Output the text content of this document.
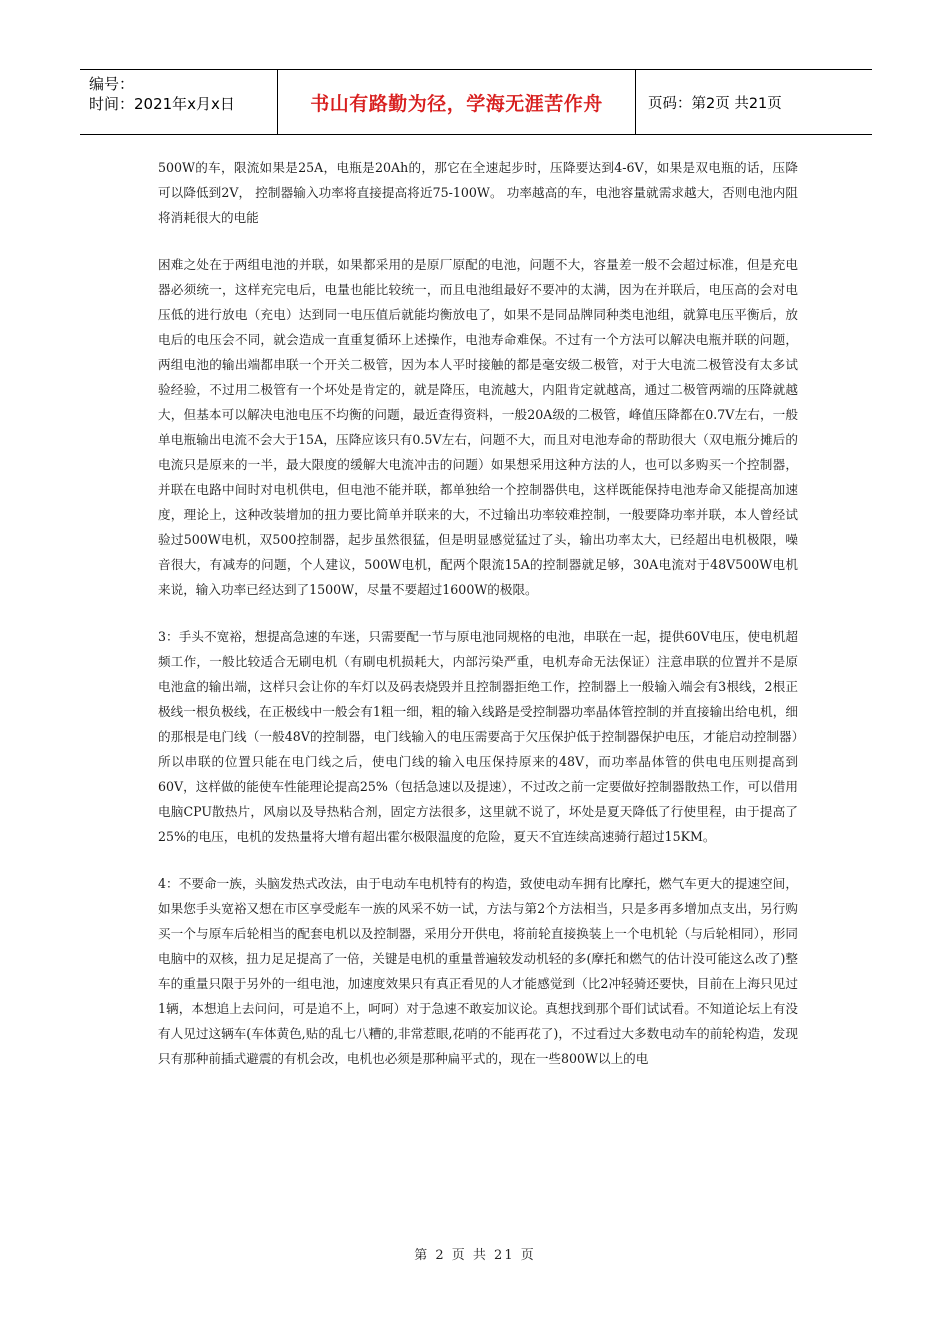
编号：
时间：2021年x月x日	书山有路勤为径，学海无涯苦作舟	页码：第2页 共21页

500W的车，限流如果是25A，电瓶是20Ah的，那它在全速起步时，压降要达到4-6V，如果是双电瓶的话，压降可以降低到2V， 控制器输入功率将直接提高将近75-100W。 功率越高的车，电池容量就需求越大，否则电池内阻将消耗很大的电能

困难之处在于两组电池的并联，如果都采用的是原厂原配的电池，问题不大，容量差一般不会超过标准，但是充电器必须统一，这样充完电后，电量也能比较统一，而且电池组最好不要冲的太满，因为在并联后，电压高的会对电压低的进行放电（充电）达到同一电压值后就能均衡放电了，如果不是同品牌同种类电池组，就算电压平衡后，放电后的电压会不同，就会造成一直重复循环上述操作，电池寿命难保。不过有一个方法可以解决电瓶并联的问题，两组电池的输出端都串联一个开关二极管，因为本人平时接触的都是毫安级二极管，对于大电流二极管没有太多试验经验，不过用二极管有一个坏处是肯定的，就是降压，电流越大，内阻肯定就越高，通过二极管两端的压降就越大，但基本可以解决电池电压不均衡的问题，最近查得资料，一般20A级的二极管，峰值压降都在0.7V左右，一般单电瓶输出电流不会大于15A，压降应该只有0.5V左右，问题不大，而且对电池寿命的帮助很大（双电瓶分摊后的电流只是原来的一半，最大限度的缓解大电流冲击的问题）如果想采用这种方法的人，也可以多购买一个控制器，并联在电路中间时对电机供电，但电池不能并联，都单独给一个控制器供电，这样既能保持电池寿命又能提高加速度，理论上，这种改装增加的扭力要比简单并联来的大，不过输出功率较难控制，一般要降功率并联，本人曾经试验过500W电机，双500控制器，起步虽然很猛，但是明显感觉猛过了头，输出功率太大，已经超出电机极限，噪音很大，有减寿的问题，个人建议，500W电机，配两个限流15A的控制器就足够，30A电流对于48V500W电机来说，输入功率已经达到了1500W，尽量不要超过1600W的极限。

3：手头不宽裕，想提高急速的车迷，只需要配一节与原电池同规格的电池，串联在一起，提供60V电压，使电机超频工作，一般比较适合无刷电机（有刷电机损耗大，内部污染严重，电机寿命无法保证）注意串联的位置并不是原电池盒的输出端，这样只会让你的车灯以及码表烧毁并且控制器拒绝工作，控制器上一般输入端会有3根线，2根正极线一根负极线，在正极线中一般会有1粗一细，粗的输入线路是受控制器功率晶体管控制的并直接输出给电机，细的那根是电门线（一般48V的控制器，电门线输入的电压需要高于欠压保护低于控制器保护电压，才能启动控制器）所以串联的位置只能在电门线之后，使电门线的输入电压保持原来的48V，而功率晶体管的供电电压则提高到60V，这样做的能使车性能理论提高25%（包括急速以及提速），不过改之前一定要做好控制器散热工作，可以借用电脑CPU散热片，风扇以及导热粘合剂，固定方法很多，这里就不说了，坏处是夏天降低了行使里程，由于提高了25%的电压，电机的发热量将大增有超出霍尔极限温度的危险，夏天不宜连续高速骑行超过15KM。

4：不要命一族，头脑发热式改法，由于电动车电机特有的构造，致使电动车拥有比摩托，燃气车更大的提速空间，如果您手头宽裕又想在市区享受彪车一族的风采不妨一试，方法与第2个方法相当，只是多再多增加点支出，另行购买一个与原车后轮相当的配套电机以及控制器，采用分开供电，将前轮直接换装上一个电机轮（与后轮相同），形同电脑中的双核，扭力足足提高了一倍，关键是电机的重量普遍较发动机轻的多(摩托和燃气的估计没可能这么改了)整车的重量只限于另外的一组电池，加速度效果只有真正看见的人才能感觉到（比2冲轻骑还要快，目前在上海只见过1辆，本想追上去问问，可是追不上，呵呵）对于急速不敢妄加议论。真想找到那个哥们试试看。不知道论坛上有没有人见过这辆车(车体黄色,贴的乱七八糟的,非常惹眼,花哨的不能再花了)，不过看过大多数电动车的前轮构造，发现只有那种前插式避震的有机会改，电机也必须是那种扁平式的，现在一些800W以上的电

第 2 页 共 21 页
